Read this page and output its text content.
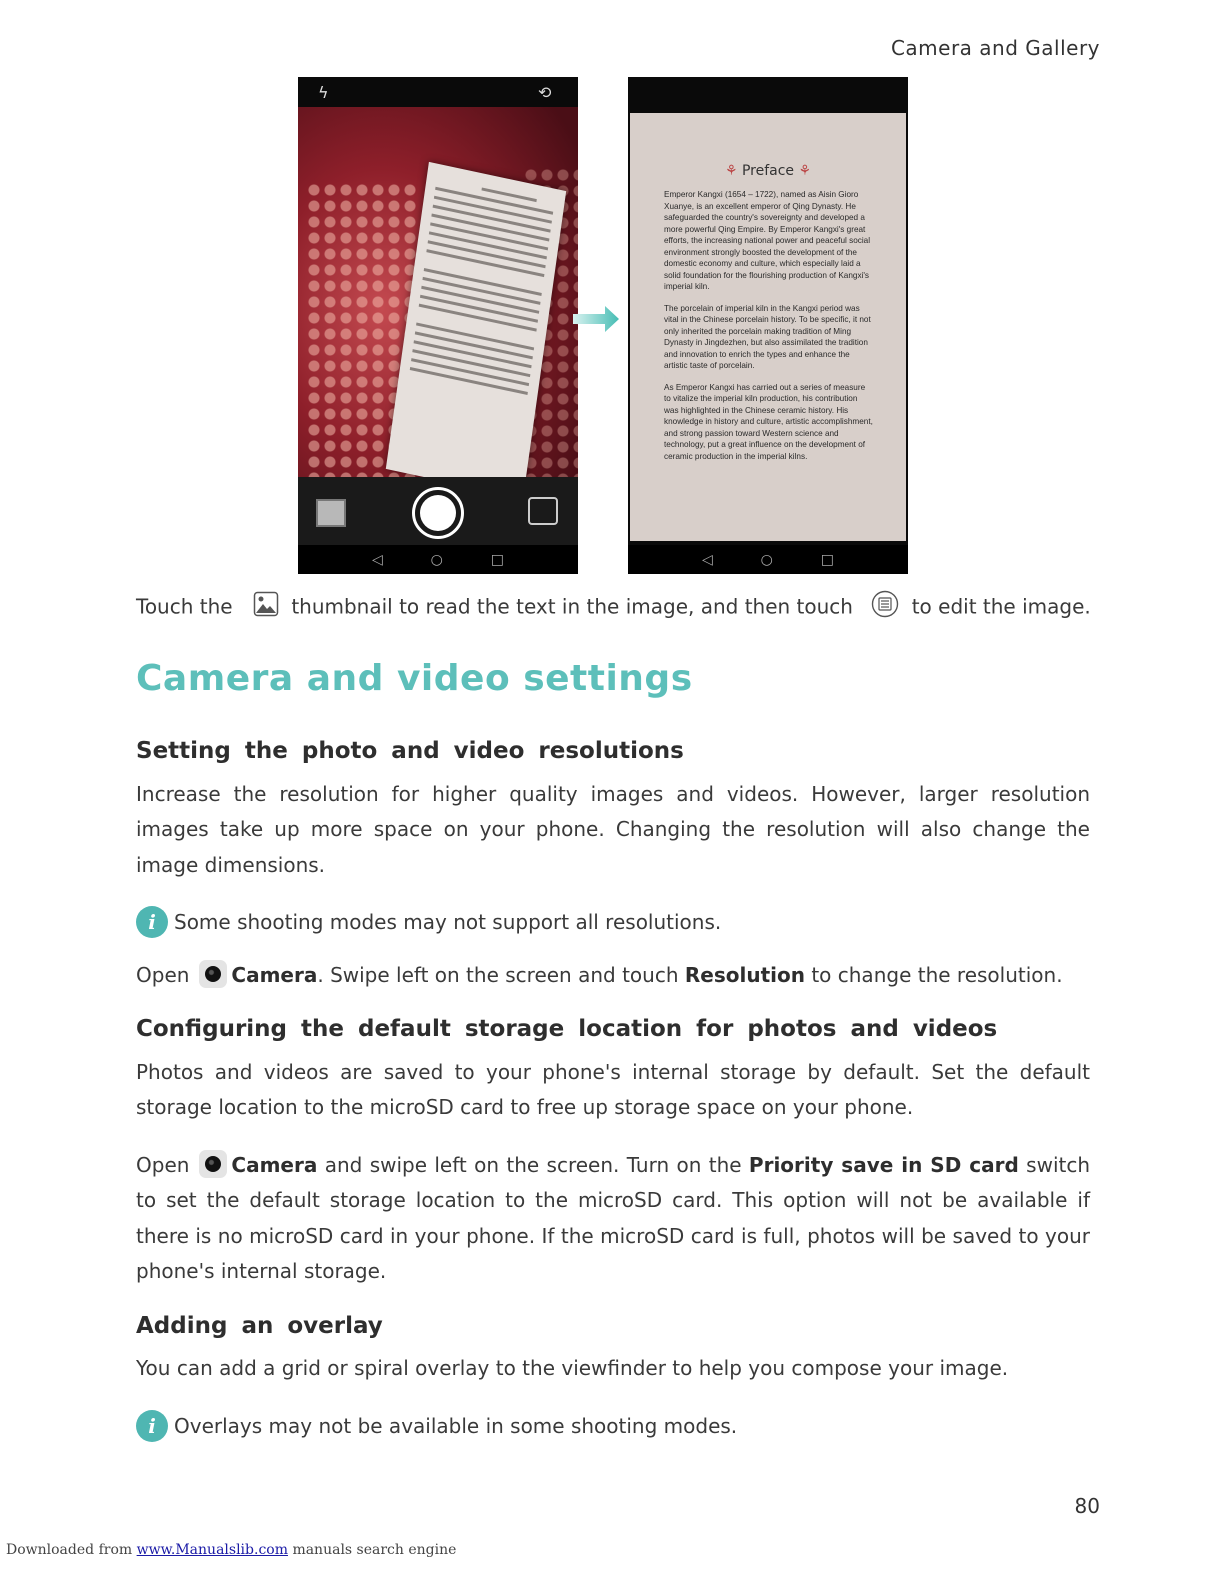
Camera and Gallery
ϟ	⟲
◁	○	□
⚘ Preface ⚘

Emperor Kangxi (1654 – 1722), named as Aisin Gioro Xuanye, is an excellent emperor of Qing Dynasty. He safeguarded the country's sovereignty and developed a more powerful Qing Empire. By Emperor Kangxi's great efforts, the increasing national power and peaceful social environment strongly boosted the development of the domestic economy and culture, which especially laid a solid foundation for the flourishing production of Kangxi's imperial kiln.

The porcelain of imperial kiln in the Kangxi period was vital in the Chinese porcelain history. To be specific, it not only inherited the porcelain making tradition of Ming Dynasty in Jingdezhen, but also assimilated the tradition and innovation to enrich the types and enhance the artistic taste of porcelain.

As Emperor Kangxi has carried out a series of measure to vitalize the imperial kiln production, his contribution was highlighted in the Chinese ceramic history. His knowledge in history and culture, artistic accomplishment, and strong passion toward Western science and technology, put a great influence on the development of ceramic production in the imperial kilns.

◁	○	□
Touch the	thumbnail to read the text in the image, and then touch	to edit the image.
Camera and video settings
Setting the photo and video resolutions
Increase the resolution for higher quality images and videos. However, larger resolution images take up more space on your phone. Changing the resolution will also change the image dimensions.
i Some shooting modes may not support all resolutions.
Open Camera. Swipe left on the screen and touch Resolution to change the resolution.
Configuring the default storage location for photos and videos
Photos and videos are saved to your phone's internal storage by default. Set the default storage location to the microSD card to free up storage space on your phone.
Open Camera and swipe left on the screen. Turn on the Priority save in SD card switch to set the default storage location to the microSD card. This option will not be available if there is no microSD card in your phone. If the microSD card is full, photos will be saved to your phone's internal storage.
Adding an overlay
You can add a grid or spiral overlay to the viewfinder to help you compose your image.
i Overlays may not be available in some shooting modes.
80
Downloaded from www.Manualslib.com manuals search engine
